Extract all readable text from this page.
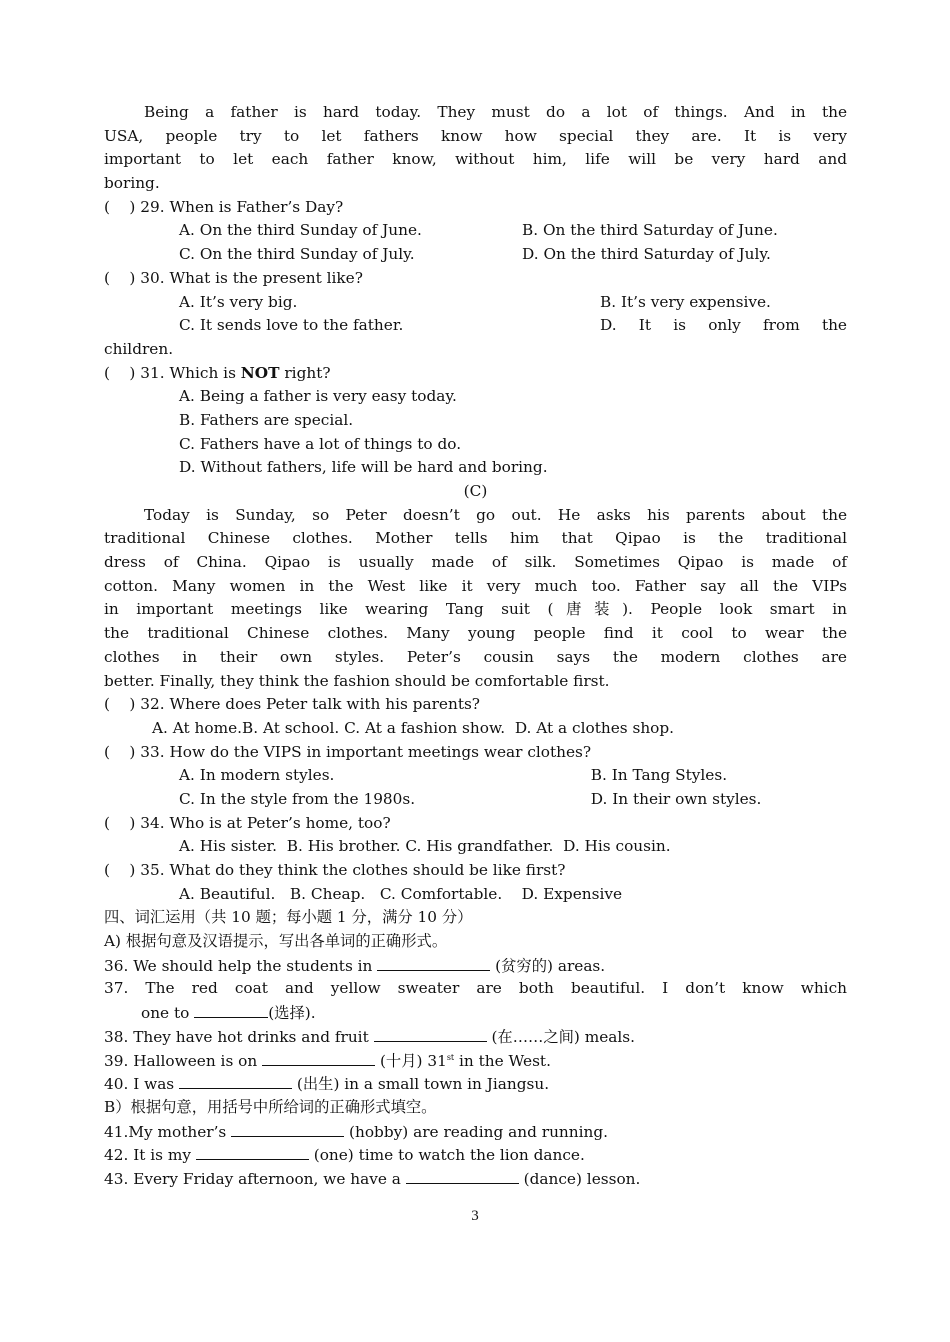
Being a father is hard today. They must do a lot of things. And in the
USA, people try to let fathers know how special they are. It is very
important to let each father know, without him, life will be very hard and
boring.
(    ) 29. When is Father’s Day?
A. On the third Sunday of June.	B. On the third Saturday of June.
C. On the third Sunday of July.	D. On the third Saturday of July.
(    ) 30. What is the present like?
A. It’s very big.	B. It’s very expensive.
C. It sends love to the father.	D. It is only from the
children.
(    ) 31. Which is NOT right?
A. Being a father is very easy today.
B. Fathers are special.
C. Fathers have a lot of things to do.
D. Without fathers, life will be hard and boring.
(C)
Today is Sunday, so Peter doesn’t go out. He asks his parents about the
traditional Chinese clothes. Mother tells him that Qipao is the traditional
dress of China. Qipao is usually made of silk. Sometimes Qipao is made of
cotton. Many women in the West like it very much too. Father say all the VIPs
in important meetings like wearing Tang suit (唐装). People look smart in
the traditional Chinese clothes. Many young people find it cool to wear the
clothes in their own styles. Peter’s cousin says the modern clothes are
better. Finally, they think the fashion should be comfortable first.
(    ) 32. Where does Peter talk with his parents?
A. At home.B. At school. C. At a fashion show.  D. At a clothes shop.
(    ) 33. How do the VIPS in important meetings wear clothes?
A. In modern styles.	B. In Tang Styles.
C. In the style from the 1980s.	D. In their own styles.
(    ) 34. Who is at Peter’s home, too?
A. His sister.  B. His brother. C. His grandfather.  D. His cousin.
(    ) 35. What do they think the clothes should be like first?
A. Beautiful.   B. Cheap.   C. Comfortable.    D. Expensive
四、词汇运用（共 10 题；每小题 1 分，满分 10 分）
A) 根据句意及汉语提示，写出各单词的正确形式。
36. We should help the students in	(贫穷的) areas.
37. The red coat and yellow sweater are both beautiful. I don’t know which
one to	(选择).
38. They have hot drinks and fruit	(在……之间) meals.
39. Halloween is on	(十月) 31st in the West.
40. I was	(出生) in a small town in Jiangsu.
B）根据句意，用括号中所给词的正确形式填空。
41.My mother’s	(hobby) are reading and running.
42. It is my	(one) time to watch the lion dance.
43. Every Friday afternoon, we have a	(dance) lesson.
3
